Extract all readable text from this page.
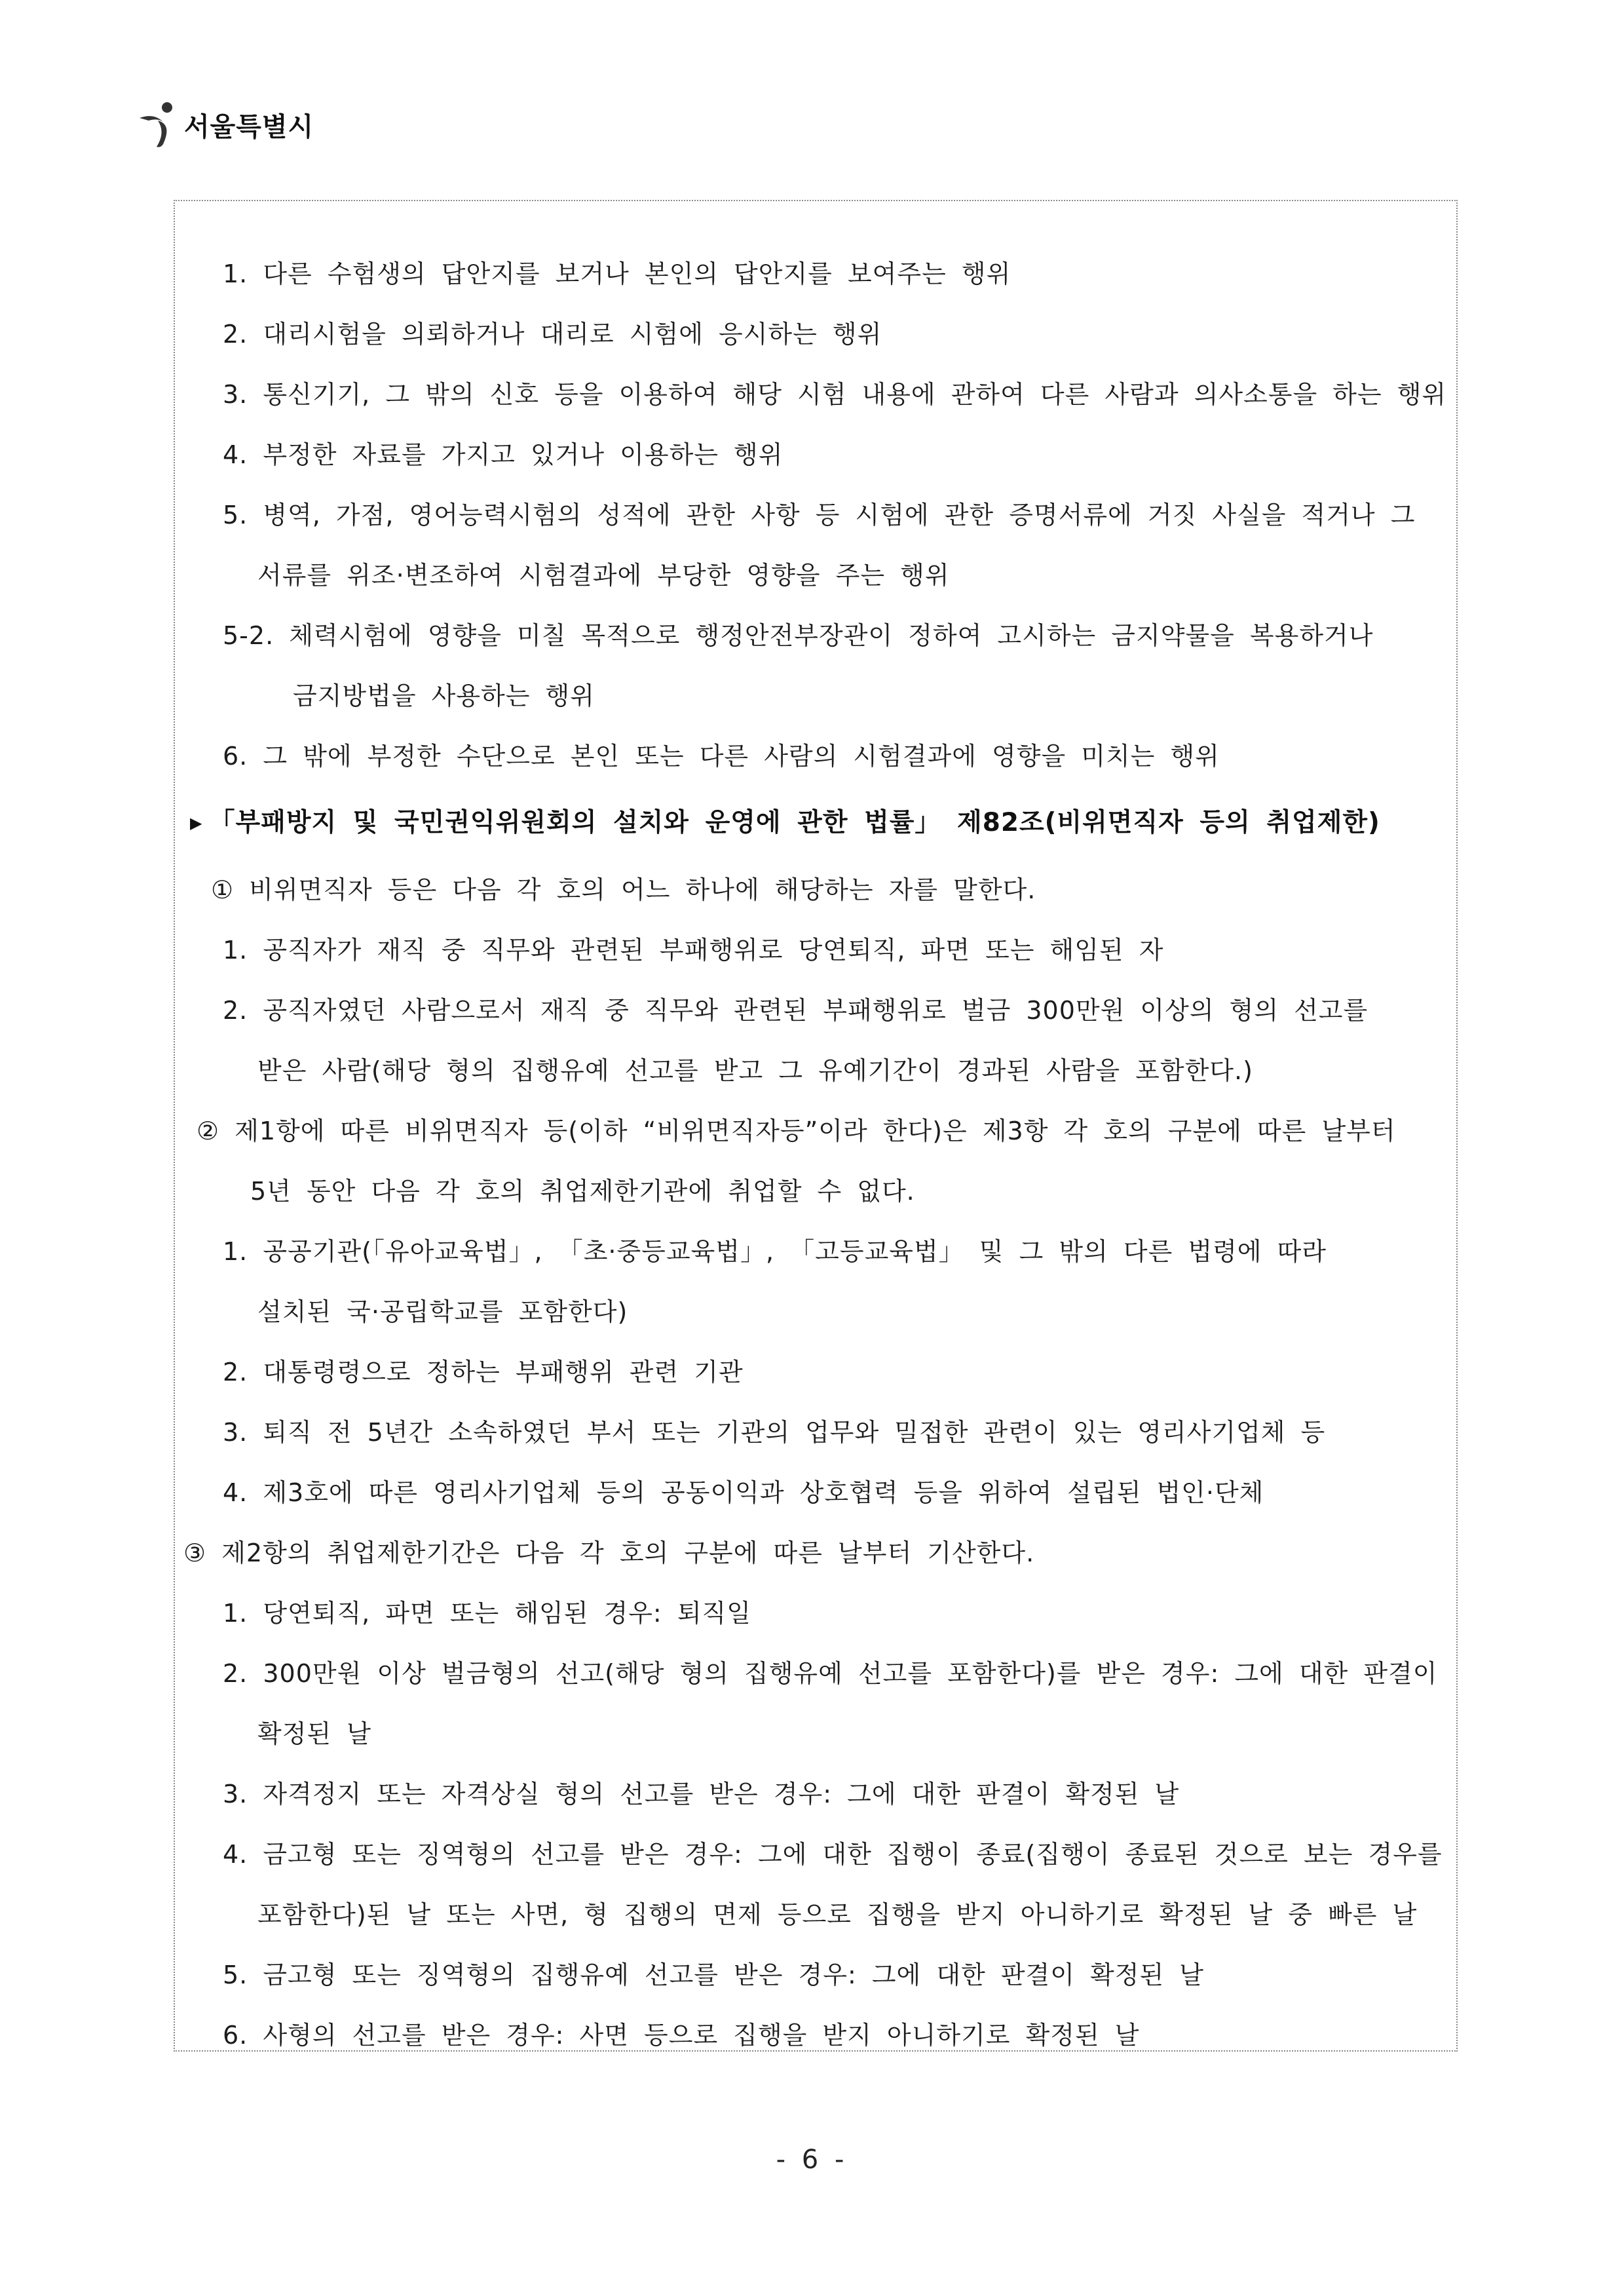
서울특별시
1. 다른 수험생의 답안지를 보거나 본인의 답안지를 보여주는 행위
2. 대리시험을 의뢰하거나 대리로 시험에 응시하는 행위
3. 통신기기, 그 밖의 신호 등을 이용하여 해당 시험 내용에 관하여 다른 사람과 의사소통을 하는 행위
4. 부정한 자료를 가지고 있거나 이용하는 행위
5. 병역, 가점, 영어능력시험의 성적에 관한 사항 등 시험에 관한 증명서류에 거짓 사실을 적거나 그
서류를 위조·변조하여 시험결과에 부당한 영향을 주는 행위
5-2. 체력시험에 영향을 미칠 목적으로 행정안전부장관이 정하여 고시하는 금지약물을 복용하거나
금지방법을 사용하는 행위
6. 그 밖에 부정한 수단으로 본인 또는 다른 사람의 시험결과에 영향을 미치는 행위
▶ 「부패방지 및 국민권익위원회의 설치와 운영에 관한 법률」 제82조(비위면직자 등의 취업제한)
① 비위면직자 등은 다음 각 호의 어느 하나에 해당하는 자를 말한다.
1. 공직자가 재직 중 직무와 관련된 부패행위로 당연퇴직, 파면 또는 해임된 자
2. 공직자였던 사람으로서 재직 중 직무와 관련된 부패행위로 벌금 300만원 이상의 형의 선고를
받은 사람(해당 형의 집행유예 선고를 받고 그 유예기간이 경과된 사람을 포함한다.)
② 제1항에 따른 비위면직자 등(이하 “비위면직자등”이라 한다)은 제3항 각 호의 구분에 따른 날부터
5년 동안 다음 각 호의 취업제한기관에 취업할 수 없다.
1. 공공기관(「유아교육법」, 「초·중등교육법」, 「고등교육법」 및 그 밖의 다른 법령에 따라
설치된 국·공립학교를 포함한다)
2. 대통령령으로 정하는 부패행위 관련 기관
3. 퇴직 전 5년간 소속하였던 부서 또는 기관의 업무와 밀접한 관련이 있는 영리사기업체 등
4. 제3호에 따른 영리사기업체 등의 공동이익과 상호협력 등을 위하여 설립된 법인·단체
③ 제2항의 취업제한기간은 다음 각 호의 구분에 따른 날부터 기산한다.
1. 당연퇴직, 파면 또는 해임된 경우: 퇴직일
2. 300만원 이상 벌금형의 선고(해당 형의 집행유예 선고를 포함한다)를 받은 경우: 그에 대한 판결이
확정된 날
3. 자격정지 또는 자격상실 형의 선고를 받은 경우: 그에 대한 판결이 확정된 날
4. 금고형 또는 징역형의 선고를 받은 경우: 그에 대한 집행이 종료(집행이 종료된 것으로 보는 경우를
포함한다)된 날 또는 사면, 형 집행의 면제 등으로 집행을 받지 아니하기로 확정된 날 중 빠른 날
5. 금고형 또는 징역형의 집행유예 선고를 받은 경우: 그에 대한 판결이 확정된 날
6. 사형의 선고를 받은 경우: 사면 등으로 집행을 받지 아니하기로 확정된 날
- 6 -
